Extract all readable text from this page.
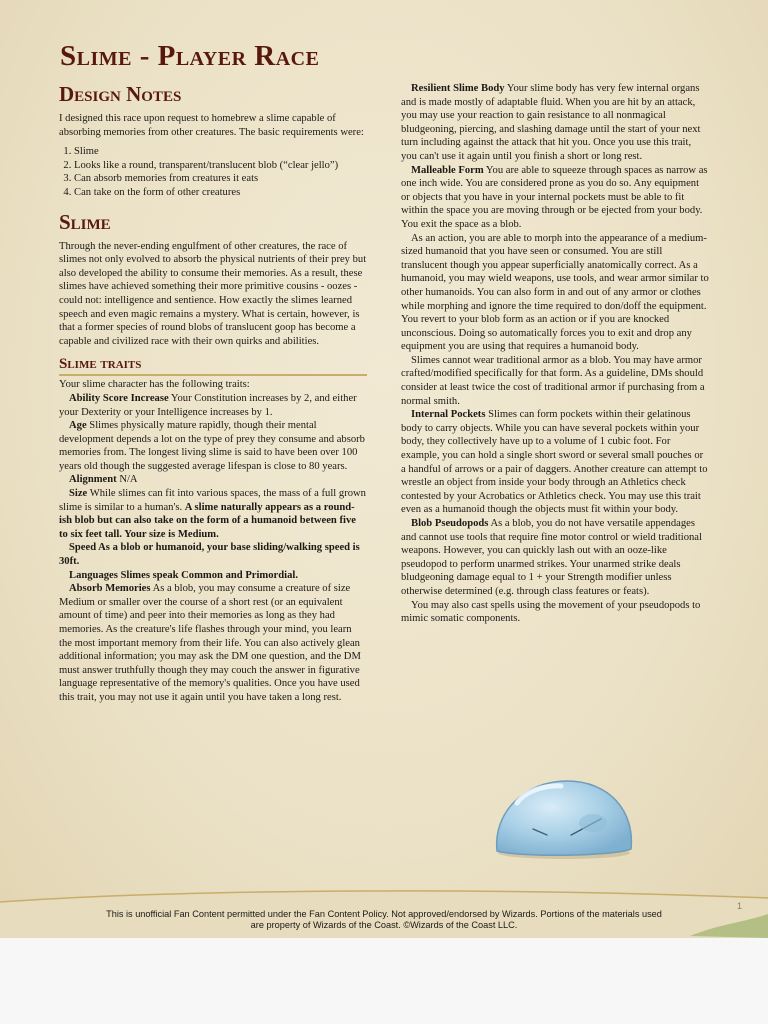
Slime - Player Race
Design Notes

I designed this race upon request to homebrew a slime capable of absorbing memories from other creatures. The basic requirements were:

1. Slime
2. Looks like a round, transparent/translucent blob (“clear jello”)
3. Can absorb memories from creatures it eats
4. Can take on the form of other creatures
Slime

Through the never-ending engulfment of other creatures, the race of slimes not only evolved to absorb the physical nutrients of their prey but also developed the ability to consume their memories. As a result, these slimes have achieved something their more primitive cousins - oozes - could not: intelligence and sentience. How exactly the slimes learned speech and even magic remains a mystery. What is certain, however, is that a former species of round blobs of translucent goop has become a capable and civilized race with their own quirks and abilities.

Slime traits

Your slime character has the following traits:

Ability Score Increase Your Constitution increases by 2, and either your Dexterity or your Intelligence increases by 1.

Age Slimes physically mature rapidly, though their mental development depends a lot on the type of prey they consume and absorb memories from. The longest living slime is said to have been over 100 years old though the suggested average lifespan is close to 80 years.

Alignment N/A

Size While slimes can fit into various spaces, the mass of a full grown slime is similar to a human's. A slime naturally appears as a round-ish blob but can also take on the form of a humanoid between five to six feet tall. Your size is Medium.

Speed As a blob or humanoid, your base sliding/walking speed is 30ft.

Languages Slimes speak Common and Primordial.

Absorb Memories As a blob, you may consume a creature of size Medium or smaller over the course of a short rest (or an equivalent amount of time) and peer into their memories as long as they had memories. As the creature's life flashes through your mind, you learn the most important memory from their life. You can also actively glean additional information; you may ask the DM one question, and the DM must answer truthfully though they may couch the answer in figurative language representative of the memory's qualities. Once you have used this trait, you may not use it again until you have taken a long rest.

Resilient Slime Body Your slime body has very few internal organs and is made mostly of adaptable fluid. When you are hit by an attack, you may use your reaction to gain resistance to all nonmagical bludgeoning, piercing, and slashing damage until the start of your next turn including against the attack that hit you. Once you use this trait, you can't use it again until you finish a short or long rest.

Malleable Form You are able to squeeze through spaces as narrow as one inch wide. You are considered prone as you do so. Any equipment or objects that you have in your internal pockets must be able to fit within the space you are moving through or be ejected from your body. You exit the space as a blob.

As an action, you are able to morph into the appearance of a medium-sized humanoid that you have seen or consumed. You are still translucent though you appear superficially anatomically correct. As a humanoid, you may wield weapons, use tools, and wear armor similar to other humanoids. You can also form in and out of any armor or clothes while morphing and ignore the time required to don/doff the equipment. You revert to your blob form as an action or if you are knocked unconscious. Doing so automatically forces you to exit and drop any equipment you are using that requires a humanoid body.

Slimes cannot wear traditional armor as a blob. You may have armor crafted/modified specifically for that form. As a guideline, DMs should consider at least twice the cost of traditional armor if purchasing from a normal smith.

Internal Pockets Slimes can form pockets within their gelatinous body to carry objects. While you can have several pockets within your body, they collectively have up to a volume of 1 cubic foot. For example, you can hold a single short sword or several small pouches or a handful of arrows or a pair of daggers. Another creature can attempt to wrestle an object from inside your body through an Athletics check contested by your Acrobatics or Athletics check. You may use this trait even as a humanoid though the objects must fit within your body.

Blob Pseudopods As a blob, you do not have versatile appendages and cannot use tools that require fine motor control or wield traditional weapons. However, you can quickly lash out with an ooze-like pseudopod to perform unarmed strikes. Your unarmed strike deals bludgeoning damage equal to 1 + your Strength modifier unless otherwise determined (e.g. through class features or feats).

You may also cast spells using the movement of your pseudopods to mimic somatic components.

This is unofficial Fan Content permitted under the Fan Content Policy. Not approved/endorsed by Wizards. Portions of the materials used
are property of Wizards of the Coast. ©Wizards of the Coast LLC.
1
